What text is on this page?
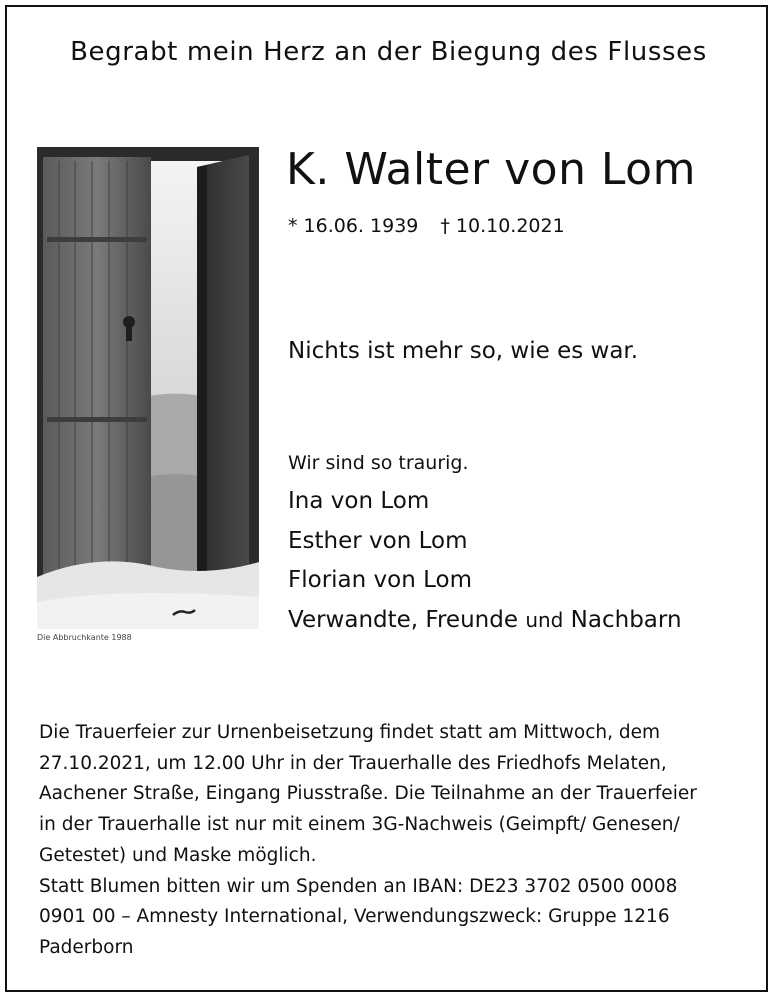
Begrabt mein Herz an der Biegung des Flusses
Die Abbruchkante 1988
K. Walter von Lom
* 16.06. 1939 † 10.10.2021
Nichts ist mehr so, wie es war.
Wir sind so traurig.
Ina von Lom
Esther von Lom
Florian von Lom
Verwandte, Freunde und Nachbarn
Die Trauerfeier zur Urnenbeisetzung findet statt am Mittwoch, dem
27.10.2021, um 12.00 Uhr in der Trauerhalle des Friedhofs Melaten,
Aachener Straße, Eingang Piusstraße. Die Teilnahme an der Trauerfeier
in der Trauerhalle ist nur mit einem 3G-Nachweis (Geimpft/ Genesen/
Getestet) und Maske möglich.
Statt Blumen bitten wir um Spenden an IBAN: DE23 3702 0500 0008
0901 00 – Amnesty International, Verwendungszweck: Gruppe 1216
Paderborn
